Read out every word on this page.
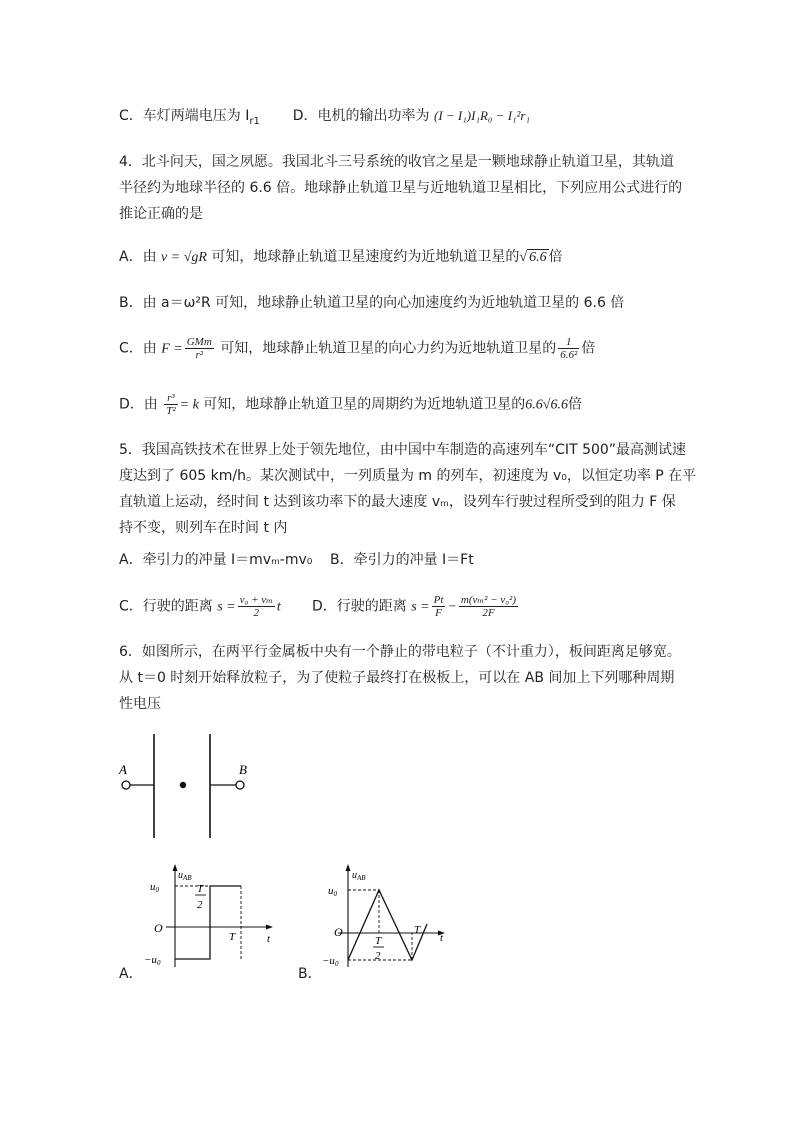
C．车灯两端电压为 $I_{r1}$ D．电机的输出功率为 (I − I₁)I₁R₀ − I₁²r₁
4．北斗问天，国之夙愿。我国北斗三号系统的收官之星是一颗地球静止轨道卫星，其轨道
半径约为地球半径的 6.6 倍。地球静止轨道卫星与近地轨道卫星相比，下列应用公式进行的
推论正确的是
A．由 v = √gR 可知，地球静止轨道卫星速度约为近地轨道卫星的√ 6.6 倍
B．由 a＝ω²R 可知，地球静止轨道卫星的向心加速度约为近地轨道卫星的 6.6 倍
C．由 $F = \frac{\text{GMm}}{\text{r²}}$ 可知，地球静止轨道卫星的向心力约为近地轨道卫星的 $\frac{1}{\text{6.6²}}$ 倍
D．由 $\frac{\text{r³}}{\text{T²}} = k$ 可知，地球静止轨道卫星的周期约为近地轨道卫星的6.6√6.6倍
5．我国高铁技术在世界上处于领先地位，由中国中车制造的高速列车“CIT 500”最高测试速
度达到了 605 km/h。某次测试中，一列质量为 m 的列车，初速度为 v₀，以恒定功率 P 在平
直轨道上运动，经时间 t 达到该功率下的最大速度 vₘ，设列车行驶过程所受到的阻力 F 保
持不变，则列车在时间 t 内
A．牵引力的冲量 I＝mvₘ-mv₀ B．牵引力的冲量 I＝Ft
C．行驶的距离 $s = \frac{\text{v₀ + vₘ}}{2}$ t D．行驶的距离 $s = \frac{Pt}{F} - \frac{\text{m(vₘ² − v₀²)}}{2F}$
6．如图所示，在两平行金属板中央有一个静止的带电粒子（不计重力），板间距离足够宽。
从 t＝0 时刻开始释放粒子，为了使粒子最终打在极板上，可以在 AB 间加上下列哪种周期
性电压
A	B
$u_{AB}$
t
O
u0
−u0
T
2
T
A．
$u_{AB}$
t
O
u0
−u0
T
2
T
B．
